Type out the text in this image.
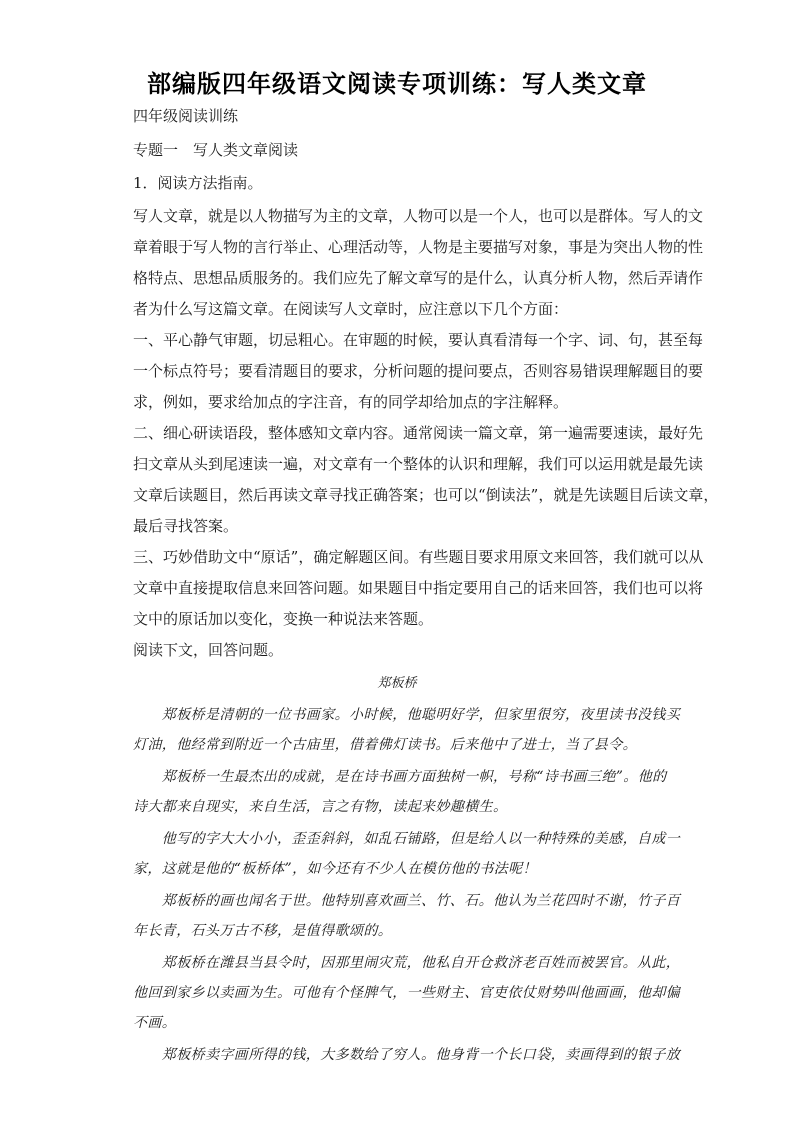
部编版四年级语文阅读专项训练：写人类文章
四年级阅读训练
专题一　写人类文章阅读
1．阅读方法指南。
写人文章，就是以人物描写为主的文章，人物可以是一个人，也可以是群体。写人的文
章着眼于写人物的言行举止、心理活动等，人物是主要描写对象，事是为突出人物的性
格特点、思想品质服务的。我们应先了解文章写的是什么，认真分析人物，然后弄请作
者为什么写这篇文章。在阅读写人文章时，应注意以下几个方面：
一、平心静气审题，切忌粗心。在审题的时候，要认真看清每一个字、词、句，甚至每
一个标点符号；要看清题目的要求，分析问题的提问要点，否则容易错误理解题目的要
求，例如，要求给加点的字注音，有的同学却给加点的字注解释。
二、细心研读语段，整体感知文章内容。通常阅读一篇文章，第一遍需要速读，最好先
扫文章从头到尾速读一遍，对文章有一个整体的认识和理解，我们可以运用就是最先读
文章后读题目，然后再读文章寻找正确答案；也可以“倒读法”，就是先读题目后读文章，
最后寻找答案。
三、巧妙借助文中“原话”，确定解题区间。有些题目要求用原文来回答，我们就可以从
文章中直接提取信息来回答问题。如果题目中指定要用自己的话来回答，我们也可以将
文中的原话加以变化，变换一种说法来答题。
阅读下文，回答问题。
郑板桥
　　郑板桥是清朝的一位书画家。小时候，他聪明好学，但家里很穷，夜里读书没钱买
灯油，他经常到附近一个古庙里，借着佛灯读书。后来他中了进士，当了县令。
　　郑板桥一生最杰出的成就，是在诗书画方面独树一帜，号称“诗书画三绝”。他的
诗大都来自现实，来自生活，言之有物，读起来妙趣横生。
　　他写的字大大小小，歪歪斜斜，如乱石铺路，但是给人以一种特殊的美感，自成一
家，这就是他的“板桥体”，如今还有不少人在模仿他的书法呢！
　　郑板桥的画也闻名于世。他特别喜欢画兰、竹、石。他认为兰花四时不谢，竹子百
年长青，石头万古不移，是值得歌颂的。
　　郑板桥在潍县当县令时，因那里闹灾荒，他私自开仓救济老百姓而被罢官。从此，
他回到家乡以卖画为生。可他有个怪脾气，一些财主、官吏依仗财势叫他画画，他却偏
不画。
　　郑板桥卖字画所得的钱，大多数给了穷人。他身背一个长口袋，卖画得到的银子放
